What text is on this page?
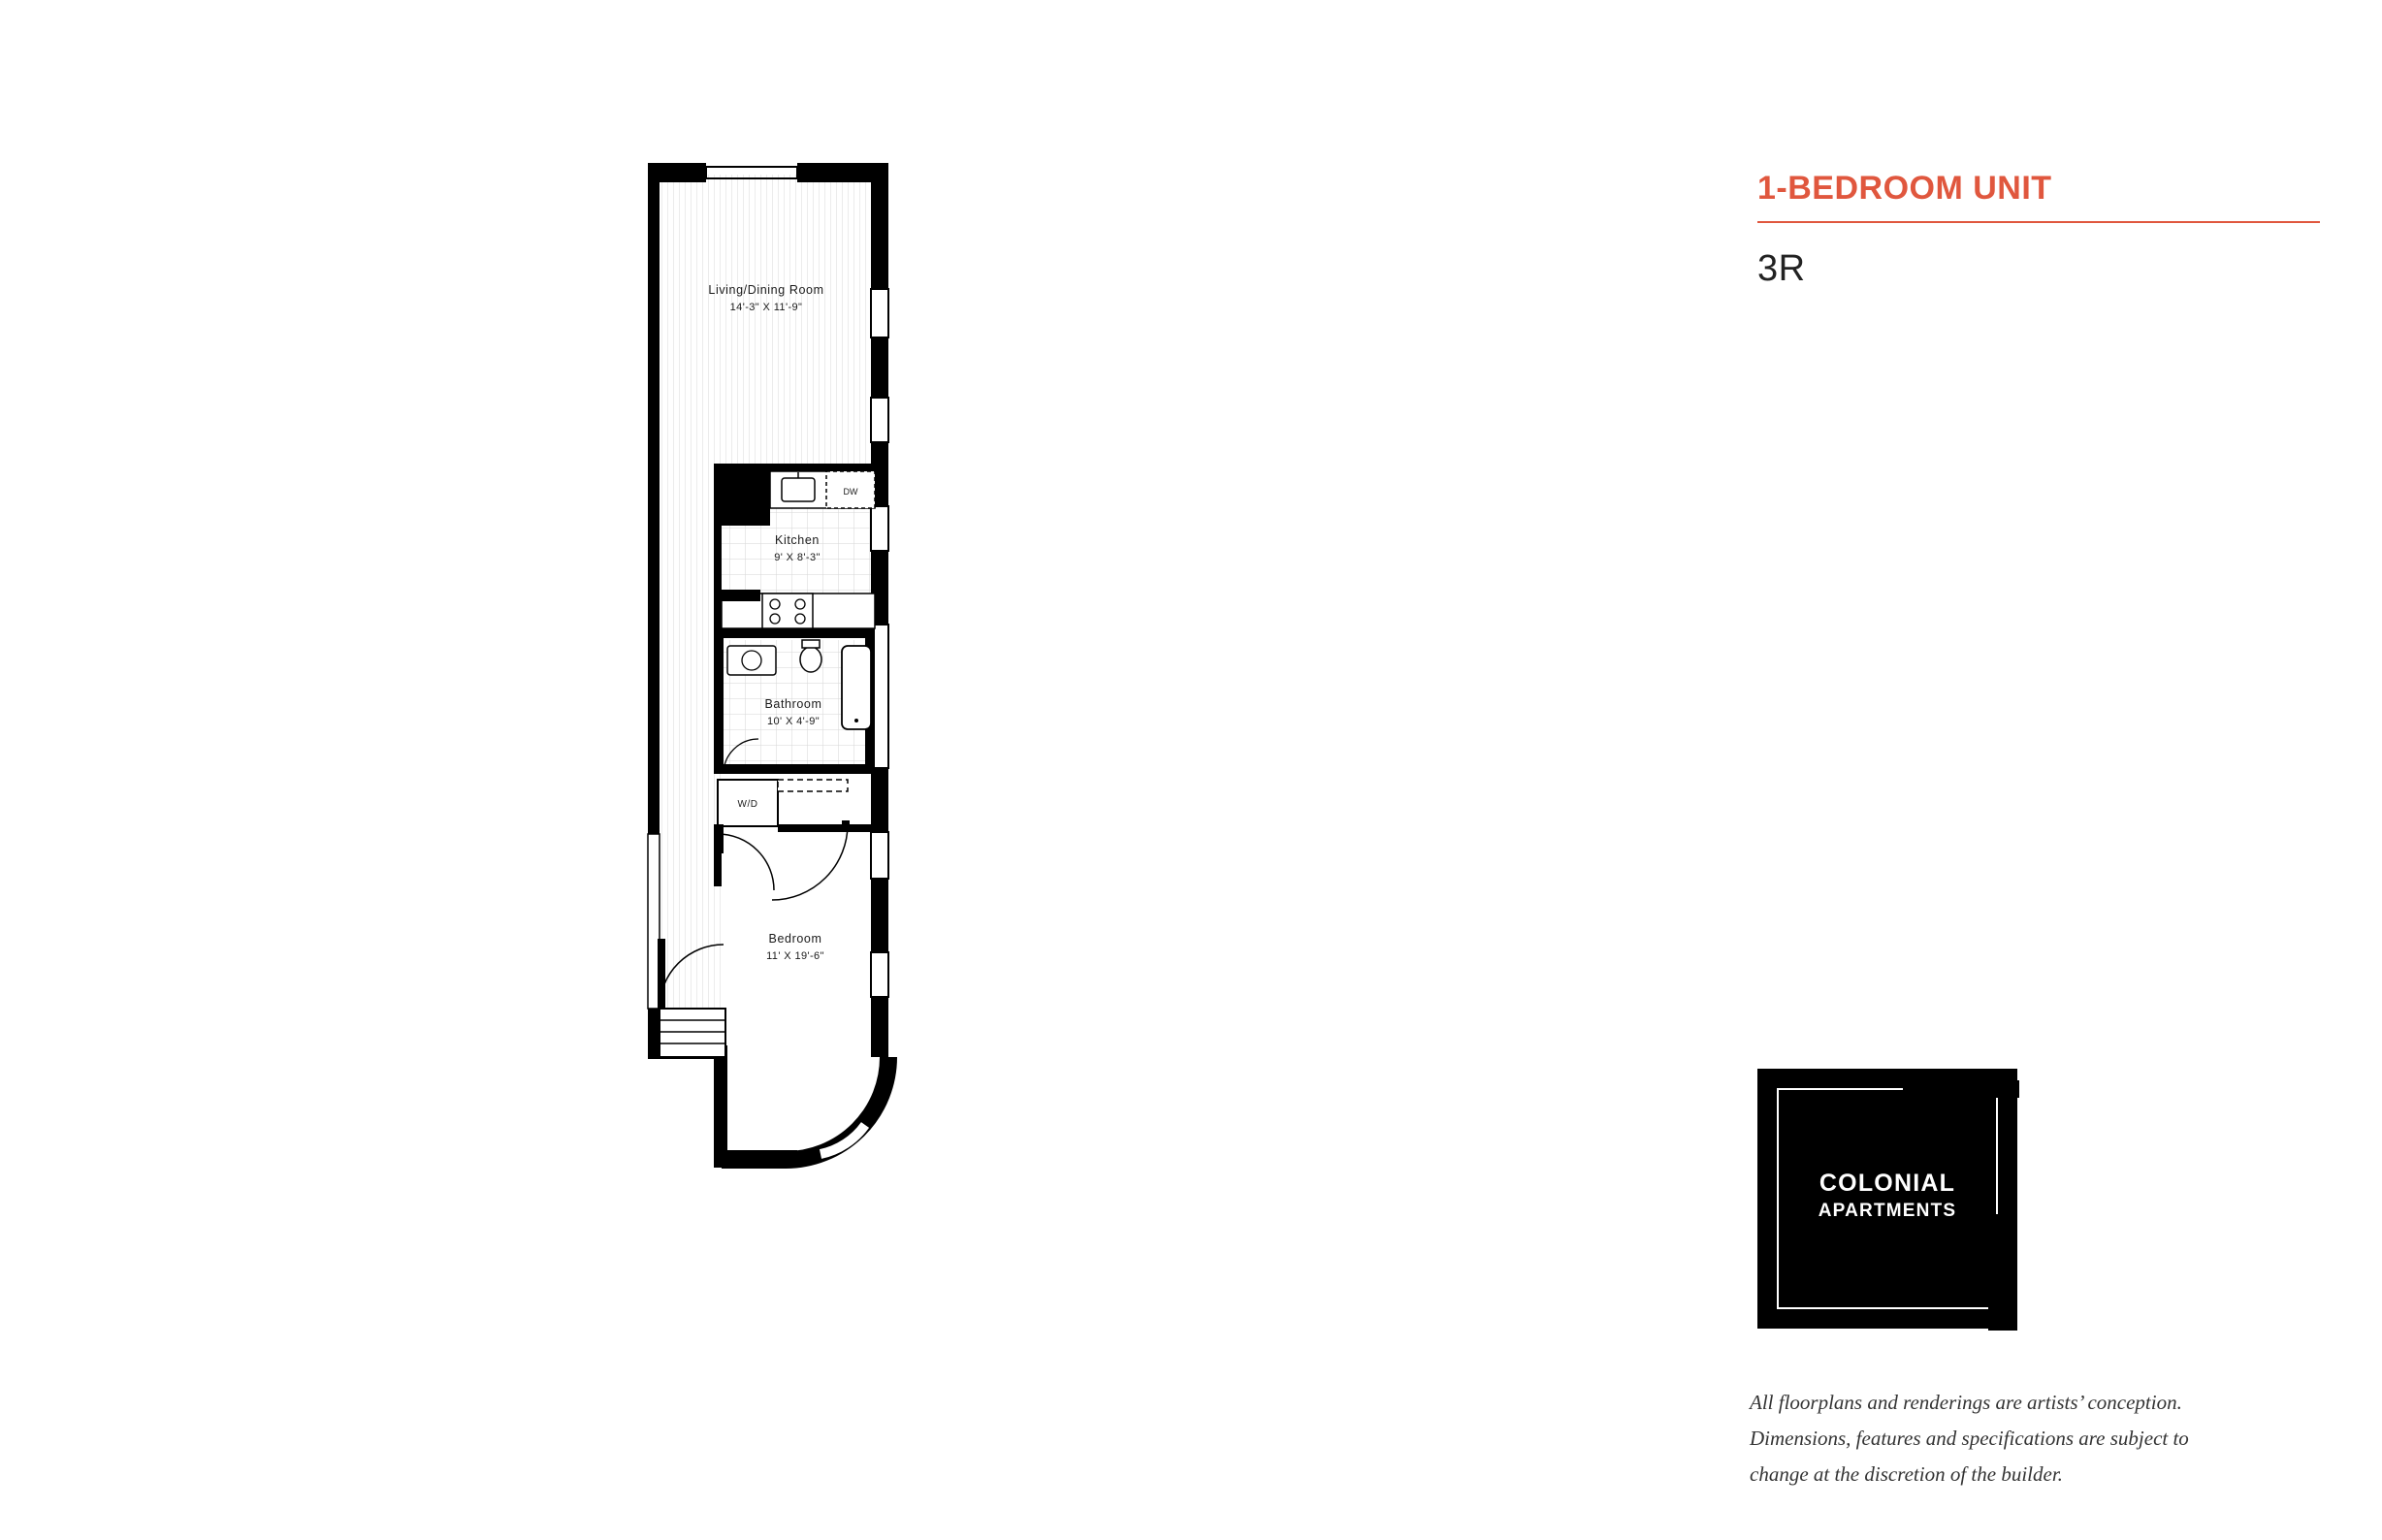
DW
W/D
Living/Dining Room
14'-3" X 11'-9"
Kitchen
9' X 8'-3"
Bathroom
10' X 4'-9"
Bedroom
11' X 19'-6"
1-BEDROOM UNIT
3R
COLONIAL
APARTMENTS
All floorplans and renderings are artists’ conception.
Dimensions, features and specifications are subject to
change at the discretion of the builder.
